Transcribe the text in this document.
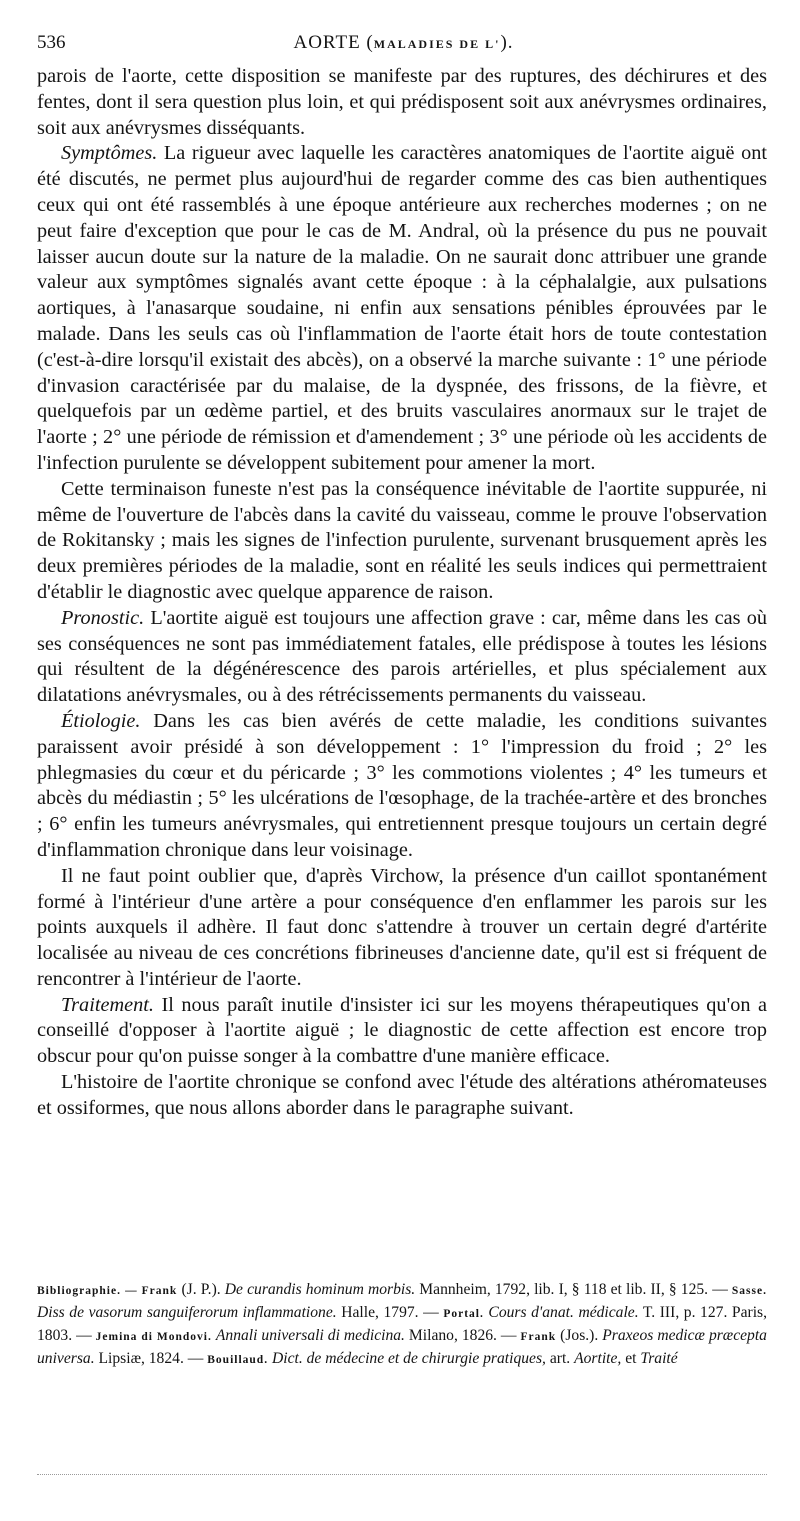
536	AORTE (MALADIES DE L').

parois de l'aorte, cette disposition se manifeste par des ruptures, des déchirures et des fentes, dont il sera question plus loin, et qui prédisposent soit aux anévrysmes ordinaires, soit aux anévrysmes disséquants.

Symptômes. La rigueur avec laquelle les caractères anatomiques de l'aortite aiguë ont été discutés, ne permet plus aujourd'hui de regarder comme des cas bien authentiques ceux qui ont été rassemblés à une époque antérieure aux recherches modernes ; on ne peut faire d'exception que pour le cas de M. Andral, où la présence du pus ne pouvait laisser aucun doute sur la nature de la maladie. On ne saurait donc attribuer une grande valeur aux symptômes signalés avant cette époque : à la céphalalgie, aux pulsations aortiques, à l'anasarque soudaine, ni enfin aux sensations pénibles éprouvées par le malade. Dans les seuls cas où l'inflammation de l'aorte était hors de toute contestation (c'est-à-dire lorsqu'il existait des abcès), on a observé la marche suivante : 1° une période d'invasion caractérisée par du malaise, de la dyspnée, des frissons, de la fièvre, et quelquefois par un œdème partiel, et des bruits vasculaires anormaux sur le trajet de l'aorte ; 2° une période de rémission et d'amendement ; 3° une période où les accidents de l'infection purulente se développent subitement pour amener la mort.

Cette terminaison funeste n'est pas la conséquence inévitable de l'aortite suppurée, ni même de l'ouverture de l'abcès dans la cavité du vaisseau, comme le prouve l'observation de Rokitansky ; mais les signes de l'infection purulente, survenant brusquement après les deux premières périodes de la maladie, sont en réalité les seuls indices qui permettraient d'établir le diagnostic avec quelque apparence de raison.

Pronostic. L'aortite aiguë est toujours une affection grave : car, même dans les cas où ses conséquences ne sont pas immédiatement fatales, elle prédispose à toutes les lésions qui résultent de la dégénérescence des parois artérielles, et plus spécialement aux dilatations anévrysmales, ou à des rétrécissements permanents du vaisseau.

Étiologie. Dans les cas bien avérés de cette maladie, les conditions suivantes paraissent avoir présidé à son développement : 1° l'impression du froid ; 2° les phlegmasies du cœur et du péricarde ; 3° les commotions violentes ; 4° les tumeurs et abcès du médiastin ; 5° les ulcérations de l'œsophage, de la trachée-artère et des bronches ; 6° enfin les tumeurs anévrysmales, qui entretiennent presque toujours un certain degré d'inflammation chronique dans leur voisinage.

Il ne faut point oublier que, d'après Virchow, la présence d'un caillot spontanément formé à l'intérieur d'une artère a pour conséquence d'en enflammer les parois sur les points auxquels il adhère. Il faut donc s'attendre à trouver un certain degré d'artérite localisée au niveau de ces concrétions fibrineuses d'ancienne date, qu'il est si fréquent de rencontrer à l'intérieur de l'aorte.

Traitement. Il nous paraît inutile d'insister ici sur les moyens thérapeutiques qu'on a conseillé d'opposer à l'aortite aiguë ; le diagnostic de cette affection est encore trop obscur pour qu'on puisse songer à la combattre d'une manière efficace.

L'histoire de l'aortite chronique se confond avec l'étude des altérations athéromateuses et ossiformes, que nous allons aborder dans le paragraphe suivant.

Bibliographie. — Frank (J. P.). De curandis hominum morbis. Mannheim, 1792, lib. I, § 118 et lib. II, § 125. — Sasse. Diss de vasorum sanguiferorum inflammatione. Halle, 1797. — Portal. Cours d'anat. médicale. T. III, p. 127. Paris, 1803. — Jemina di Mondovi. Annali universali di medicina. Milano, 1826. — Frank (Jos.). Praxeos medicæ præcepta universa. Lipsiæ, 1824. — Bouillaud. Dict. de médecine et de chirurgie pratiques, art. Aortite, et Traité
